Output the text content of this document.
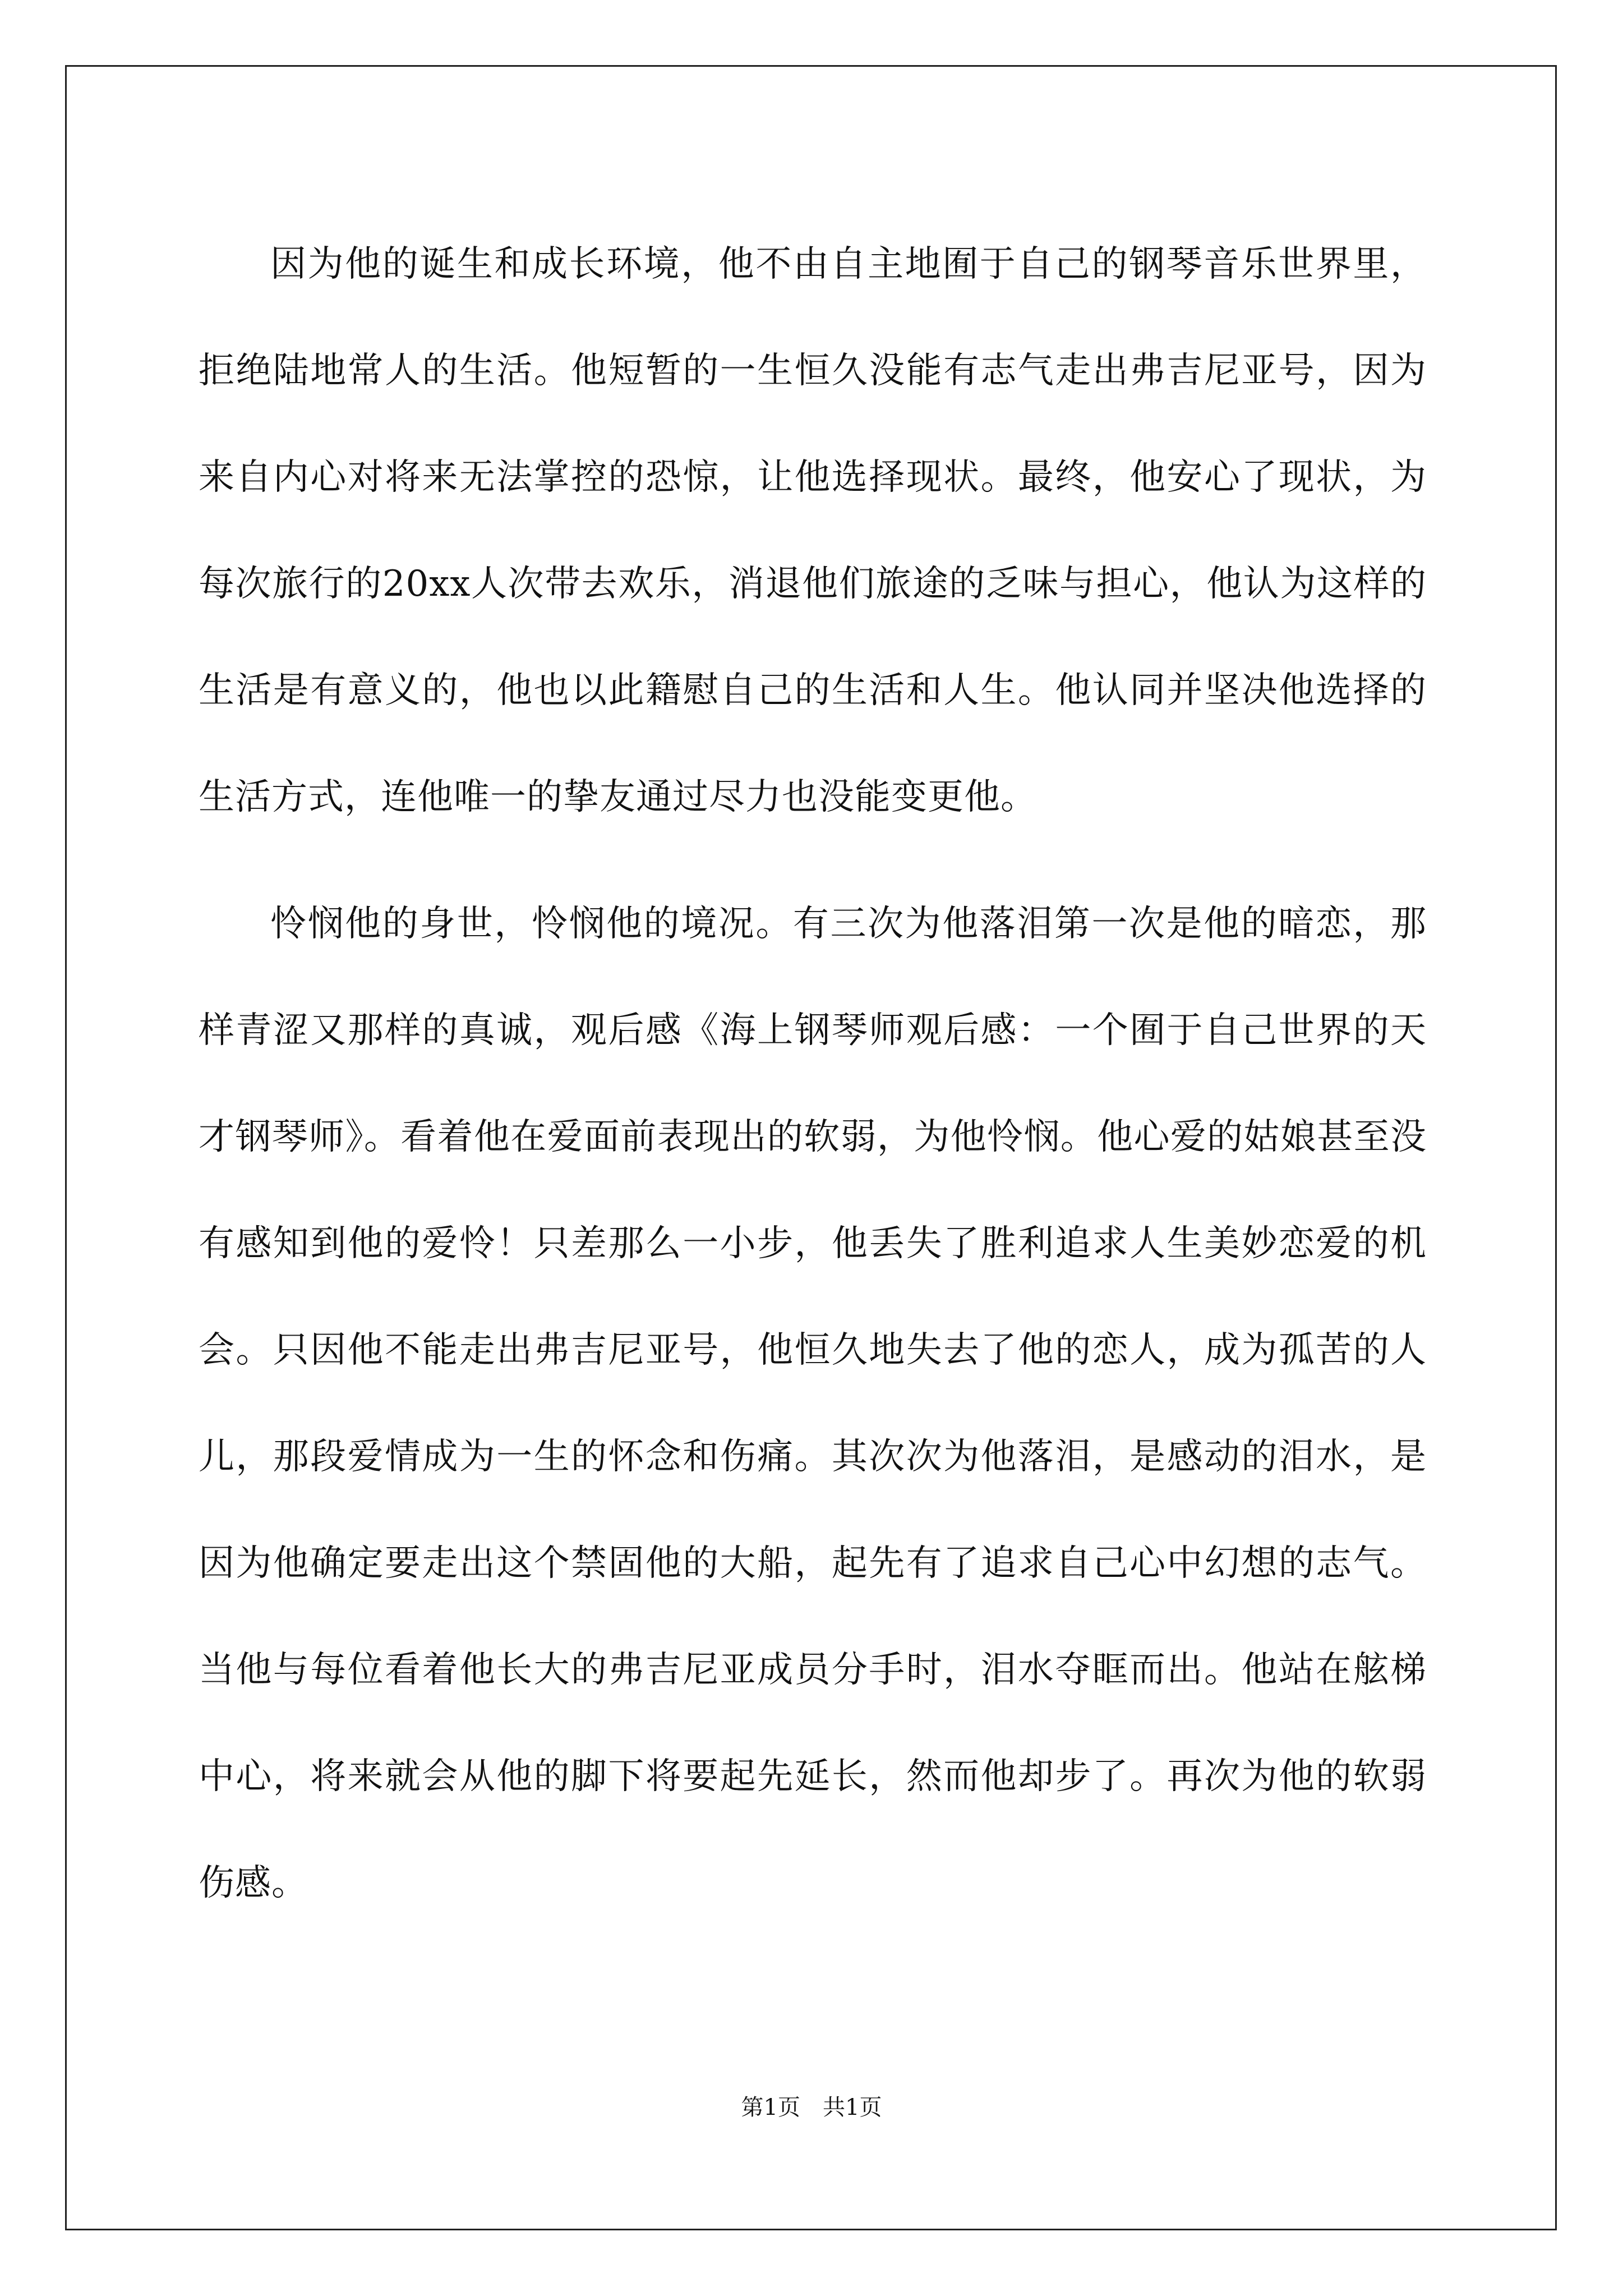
因为他的诞生和成长环境，他不由自主地囿于自己的钢琴音乐世界里，拒绝陆地常人的生活。他短暂的一生恒久没能有志气走出弗吉尼亚号，因为来自内心对将来无法掌控的恐惊，让他选择现状。最终，他安心了现状，为每次旅行的20xx人次带去欢乐，消退他们旅途的乏味与担心，他认为这样的生活是有意义的，他也以此籍慰自己的生活和人生。他认同并坚决他选择的生活方式，连他唯一的挚友通过尽力也没能变更他。

怜悯他的身世，怜悯他的境况。有三次为他落泪第一次是他的暗恋，那样青涩又那样的真诚，观后感《海上钢琴师观后感：一个囿于自己世界的天才钢琴师》。看着他在爱面前表现出的软弱，为他怜悯。他心爱的姑娘甚至没有感知到他的爱怜！只差那么一小步，他丢失了胜利追求人生美妙恋爱的机会。只因他不能走出弗吉尼亚号，他恒久地失去了他的恋人，成为孤苦的人儿，那段爱情成为一生的怀念和伤痛。其次次为他落泪，是感动的泪水，是因为他确定要走出这个禁固他的大船，起先有了追求自己心中幻想的志气。当他与每位看着他长大的弗吉尼亚成员分手时，泪水夺眶而出。他站在舷梯中心，将来就会从他的脚下将要起先延长，然而他却步了。再次为他的软弱伤感。

第1页　共1页
